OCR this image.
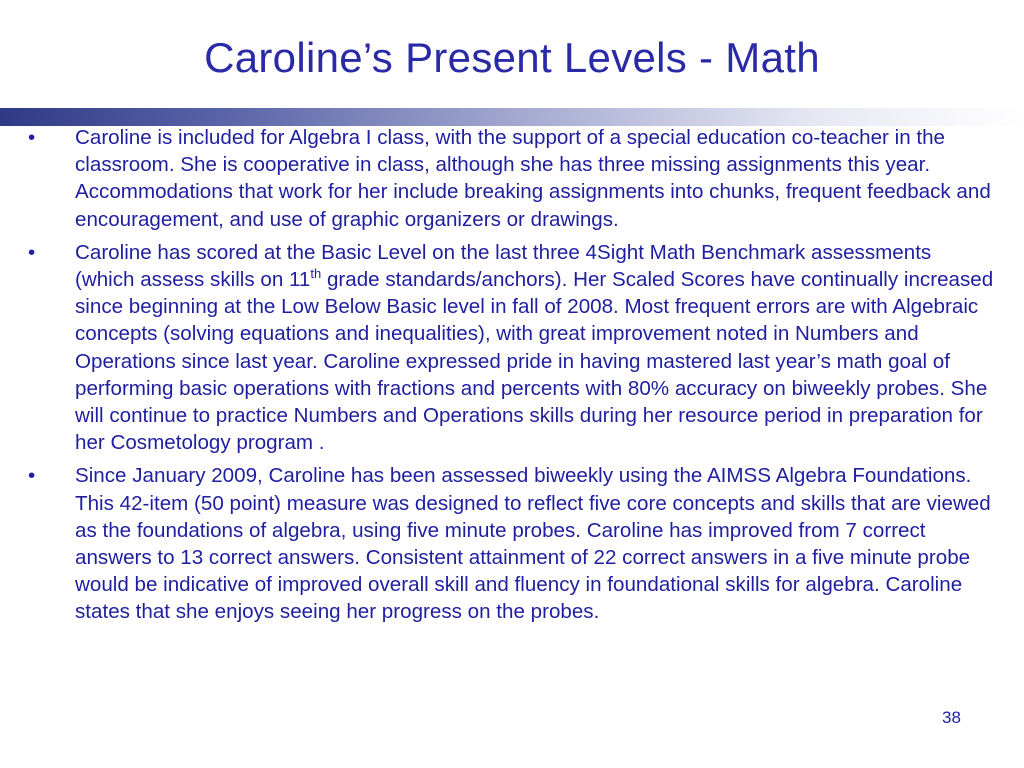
Caroline’s Present Levels - Math
•	Caroline is included for Algebra I class, with the support of a special education co-teacher in the classroom. She is cooperative in class, although she has three missing assignments this year. Accommodations that work for her include breaking assignments into chunks, frequent feedback and encouragement, and use of graphic organizers or drawings.
•	Caroline has scored at the Basic Level on the last three 4Sight Math Benchmark assessments (which assess skills on 11th grade standards/anchors). Her Scaled Scores have continually increased since beginning at the Low Below Basic level in fall of 2008. Most frequent errors are with Algebraic concepts (solving equations and inequalities), with great improvement noted in Numbers and Operations since last year. Caroline expressed pride in having mastered last year’s math goal of performing basic operations with fractions and percents with 80% accuracy on biweekly probes. She will continue to practice Numbers and Operations skills during her resource period in preparation for her Cosmetology program .
•	Since January 2009, Caroline has been assessed biweekly using the AIMSS Algebra Foundations. This 42-item (50 point) measure was designed to reflect five core concepts and skills that are viewed as the foundations of algebra, using five minute probes. Caroline has improved from 7 correct answers to 13 correct answers. Consistent attainment of 22 correct answers in a five minute probe would be indicative of improved overall skill and fluency in foundational skills for algebra. Caroline states that she enjoys seeing her progress on the probes.
38
